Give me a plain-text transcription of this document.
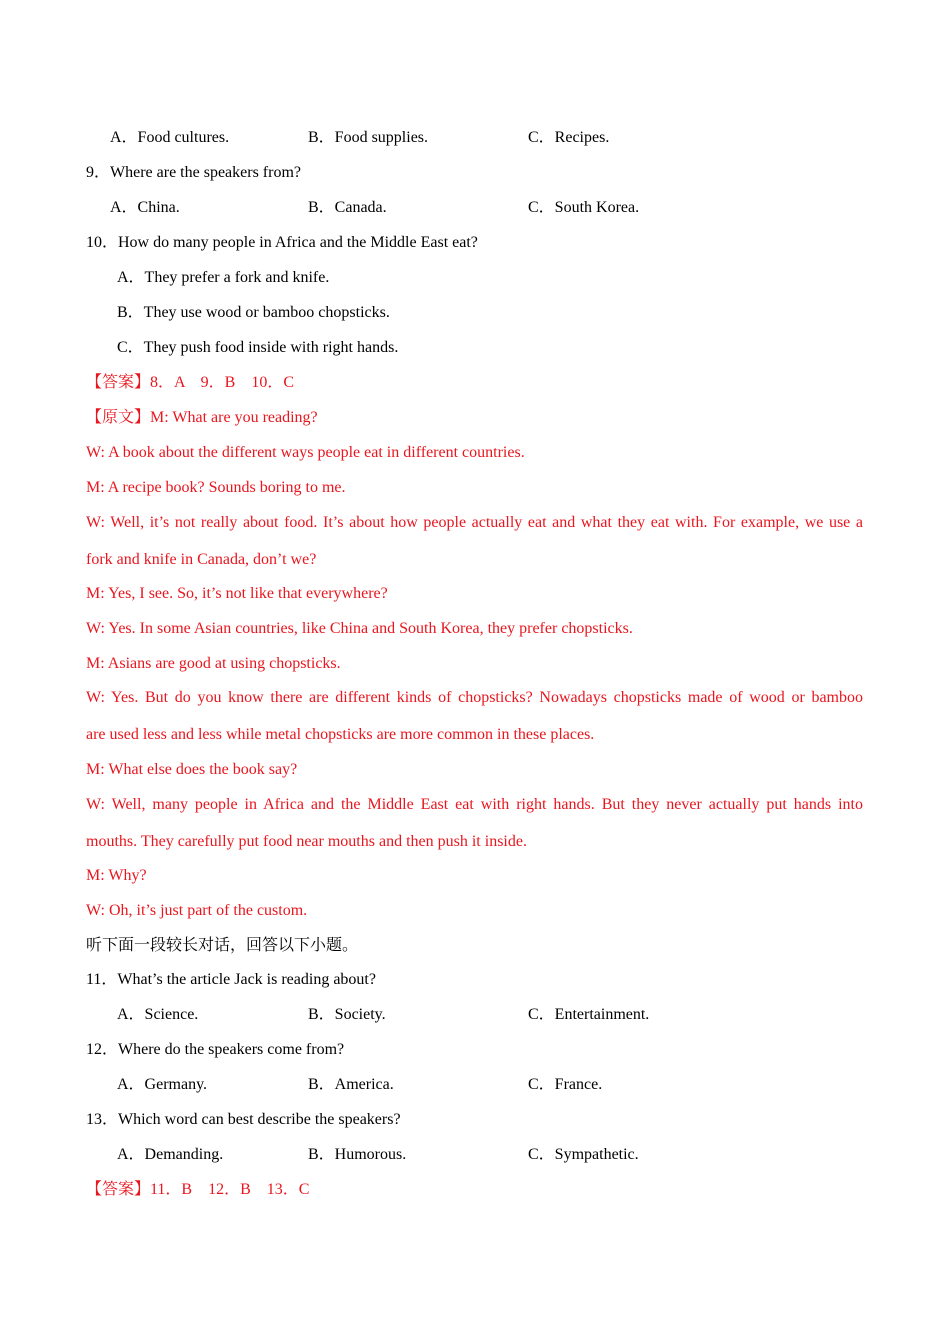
A．Food cultures.	B．Food supplies.	C．Recipes.
9．Where are the speakers from?
A．China.	B．Canada.	C．South Korea.
10．How do many people in Africa and the Middle East eat?
A．They prefer a fork and knife.
B．They use wood or bamboo chopsticks.
C．They push food inside with right hands.
【答案】8．A　9．B　10．C
【原文】M: What are you reading?
W: A book about the different ways people eat in different countries.
M: A recipe book? Sounds boring to me.
W: Well, it’s not really about food. It’s about how people actually eat and what they eat with. For example, we use a
fork and knife in Canada, don’t we?
M: Yes, I see. So, it’s not like that everywhere?
W: Yes. In some Asian countries, like China and South Korea, they prefer chopsticks.
M: Asians are good at using chopsticks.
W: Yes. But do you know there are different kinds of chopsticks? Nowadays chopsticks made of wood or bamboo
are used less and less while metal chopsticks are more common in these places.
M: What else does the book say?
W: Well, many people in Africa and the Middle East eat with right hands. But they never actually put hands into
mouths. They carefully put food near mouths and then push it inside.
M: Why?
W: Oh, it’s just part of the custom.
听下面一段较长对话，回答以下小题。
11．What’s the article Jack is reading about?
A．Science.	B．Society.	C．Entertainment.
12．Where do the speakers come from?
A．Germany.	B．America.	C．France.
13．Which word can best describe the speakers?
A．Demanding.	B．Humorous.	C．Sympathetic.
【答案】11．B　12．B　13．C
